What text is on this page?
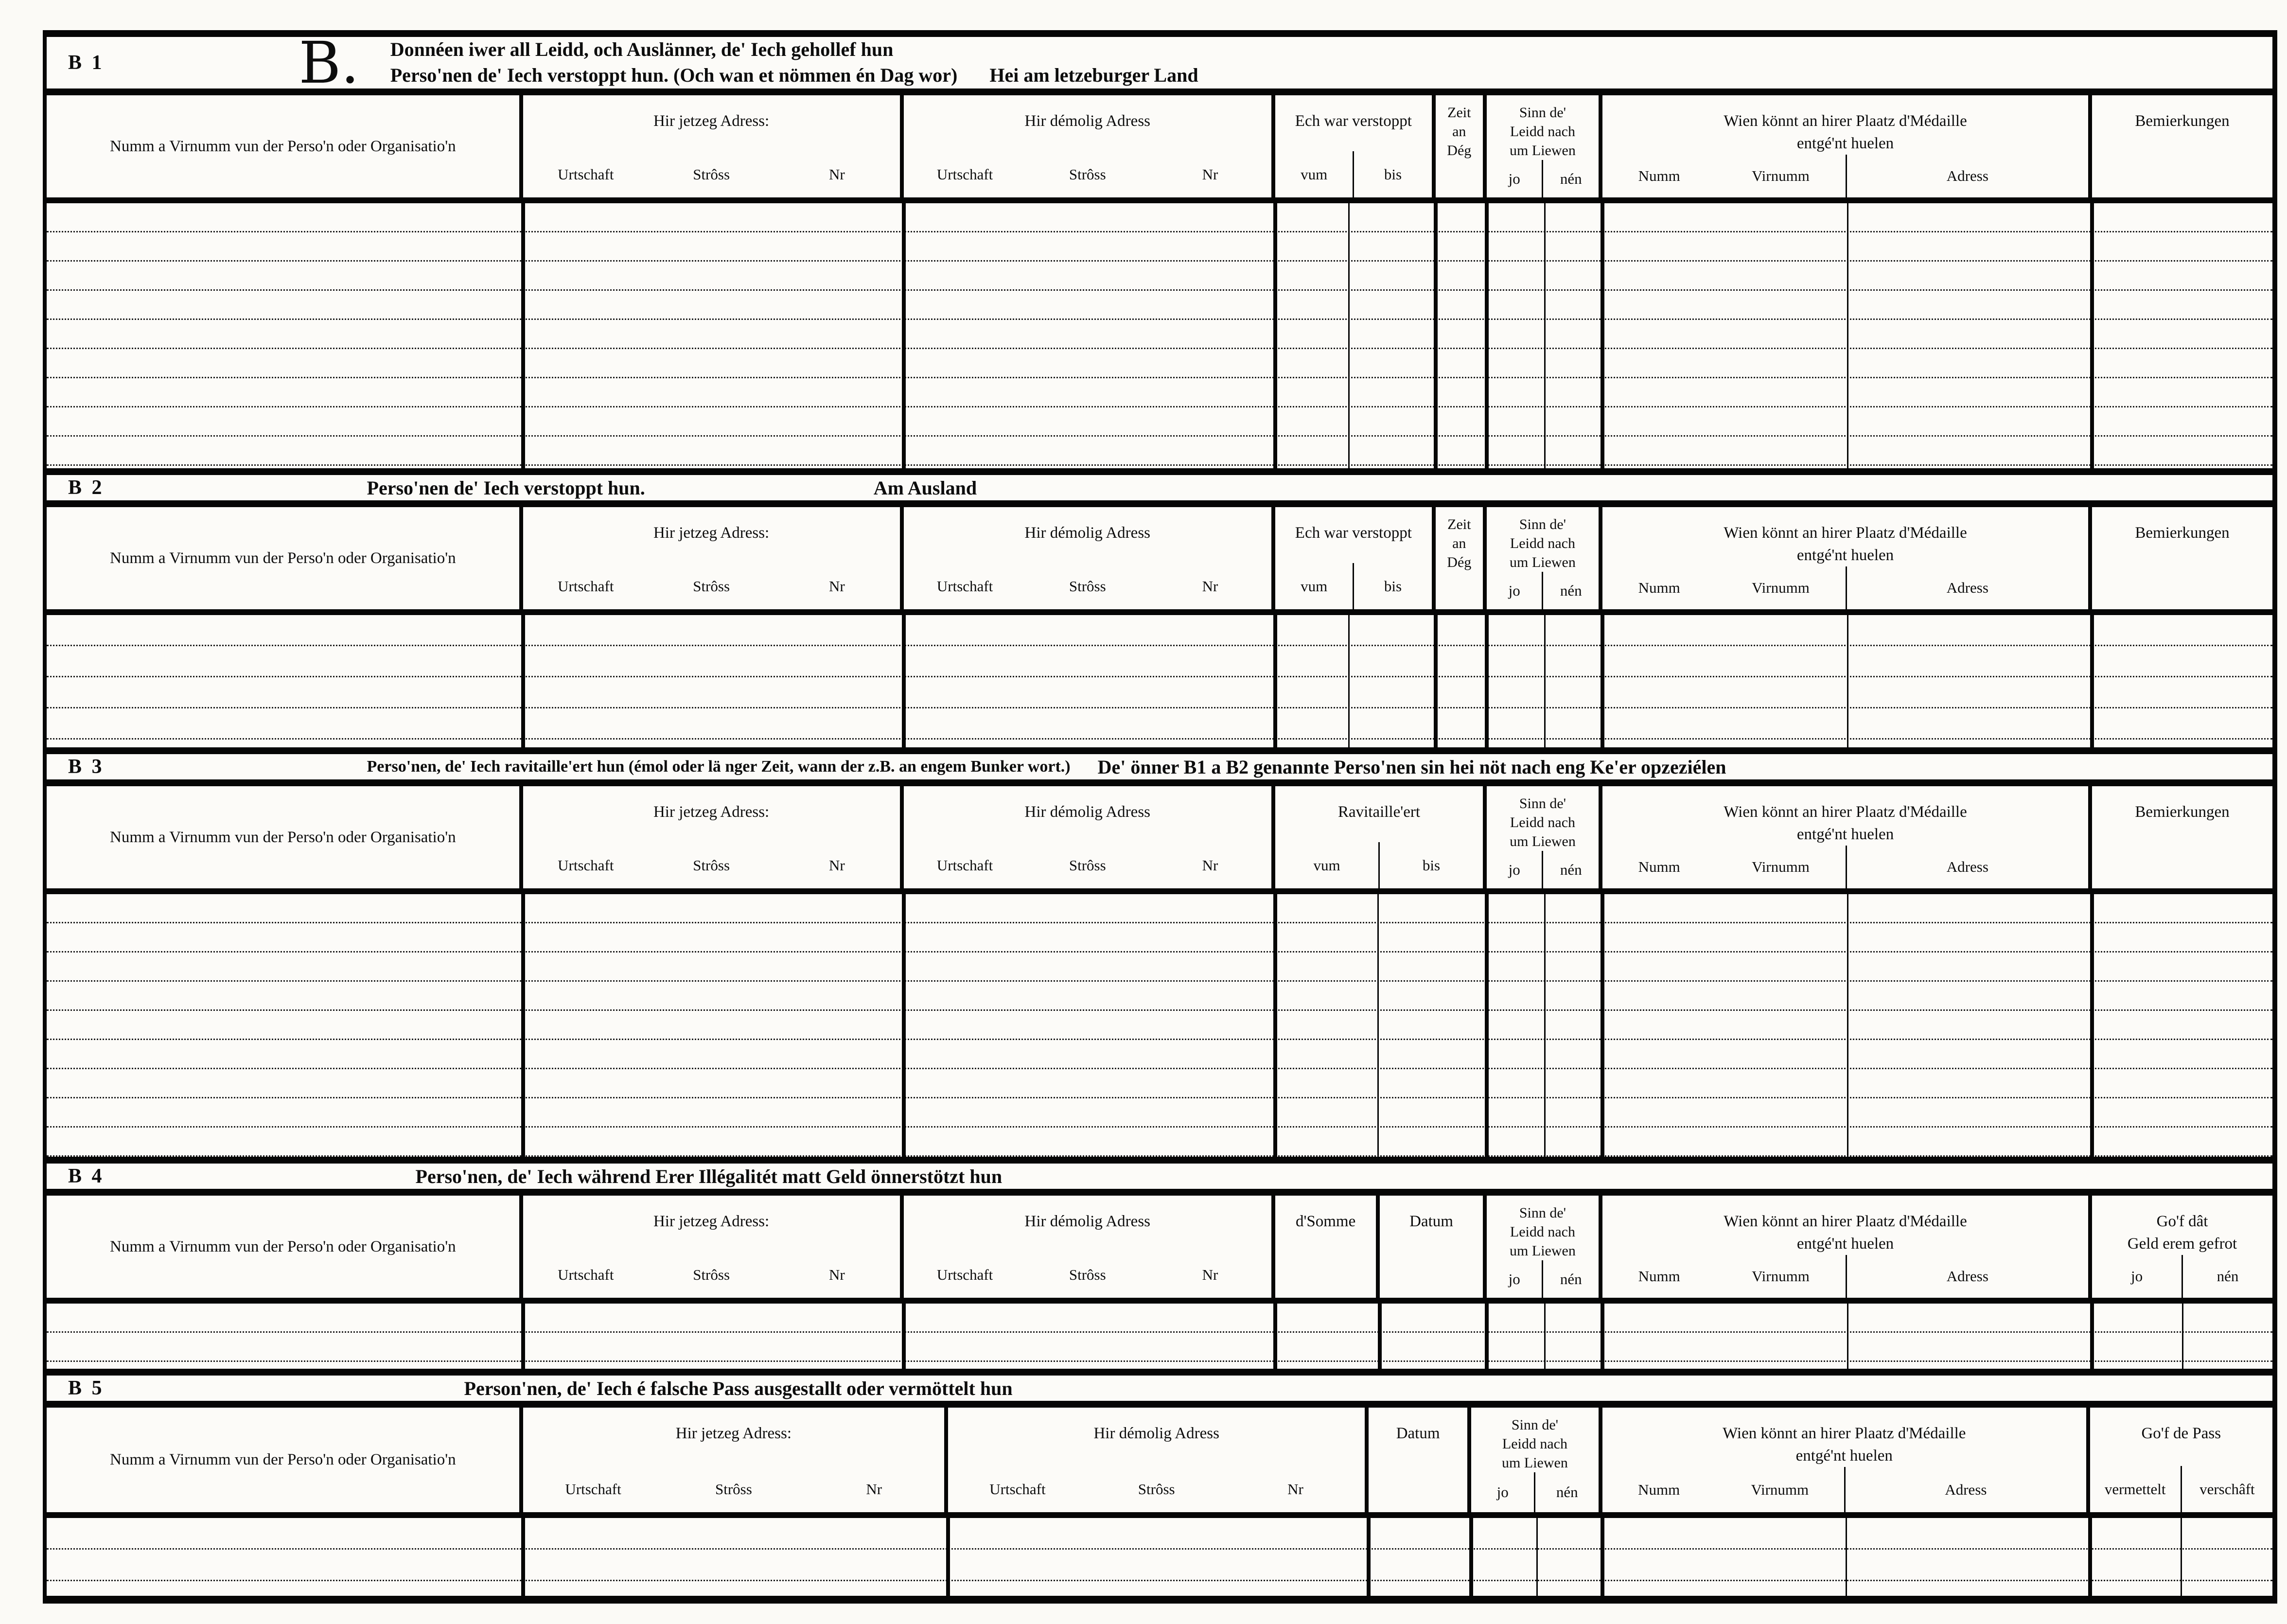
B 1	B. Donnéen iwer all Leidd, och Auslänner, de' Iech gehollef hun
Perso'nen de' Iech verstoppt hun. (Och wan et nömmen én Dag wor) Hei am letzeburger Land
Numm a Virnumm vun der Perso'n oder Organisatio'n
Hir jetzeg Adress:
Urtschaft	Strôss	Nr
Hir démolig Adress
Urtschaft	Strôss	Nr
Ech war verstoppt
vum	bis
Zeit
an
Dég
Sinn de'
Leidd nach
um Liewen
jo	nén
Wien könnt an hirer Plaatz d'Médaille
entgé'nt huelen
Numm	Virnumm	Adress
Bemierkungen
B 2	Perso'nen de' Iech verstoppt hun.	Am Ausland
Numm a Virnumm vun der Perso'n oder Organisatio'n
Hir jetzeg Adress:
Urtschaft	Strôss	Nr
Hir démolig Adress
Urtschaft	Strôss	Nr
Ech war verstoppt
vum	bis
Zeit
an
Dég
Sinn de'
Leidd nach
um Liewen
jo	nén
Wien könnt an hirer Plaatz d'Médaille
entgé'nt huelen
Numm	Virnumm	Adress
Bemierkungen
B 3	Perso'nen, de' Iech ravitaille'ert hun (émol oder lä nger Zeit, wann der z.B. an engem Bunker wort.) De' önner B1 a B2 genannte Perso'nen sin hei nöt nach eng Ke'er opzeziélen
Numm a Virnumm vun der Perso'n oder Organisatio'n
Hir jetzeg Adress:
Urtschaft	Strôss	Nr
Hir démolig Adress
Urtschaft	Strôss	Nr
Ravitaille'ert
vum	bis
Sinn de'
Leidd nach
um Liewen
jo	nén
Wien könnt an hirer Plaatz d'Médaille
entgé'nt huelen
Numm	Virnumm	Adress
Bemierkungen
B 4	Perso'nen, de' Iech während Erer Illégalitét matt Geld önnerstötzt hun
Numm a Virnumm vun der Perso'n oder Organisatio'n
Hir jetzeg Adress:
Urtschaft	Strôss	Nr
Hir démolig Adress
Urtschaft	Strôss	Nr
d'Somme	Datum	Sinn de'
Leidd nach
um Liewen
jo	nén
Wien könnt an hirer Plaatz d'Médaille
entgé'nt huelen
Numm	Virnumm	Adress
Go'f dât
Geld erem gefrot
jo	nén
B 5	Person'nen, de' Iech é falsche Pass ausgestallt oder vermöttelt hun
Numm a Virnumm vun der Perso'n oder Organisatio'n
Hir jetzeg Adress:
Urtschaft	Strôss	Nr
Hir démolig Adress
Urtschaft	Strôss	Nr
Datum	Sinn de'
Leidd nach
um Liewen
jo	nén
Wien könnt an hirer Plaatz d'Médaille
entgé'nt huelen
Numm	Virnumm	Adress
Go'f de Pass
vermettelt	verschâft
